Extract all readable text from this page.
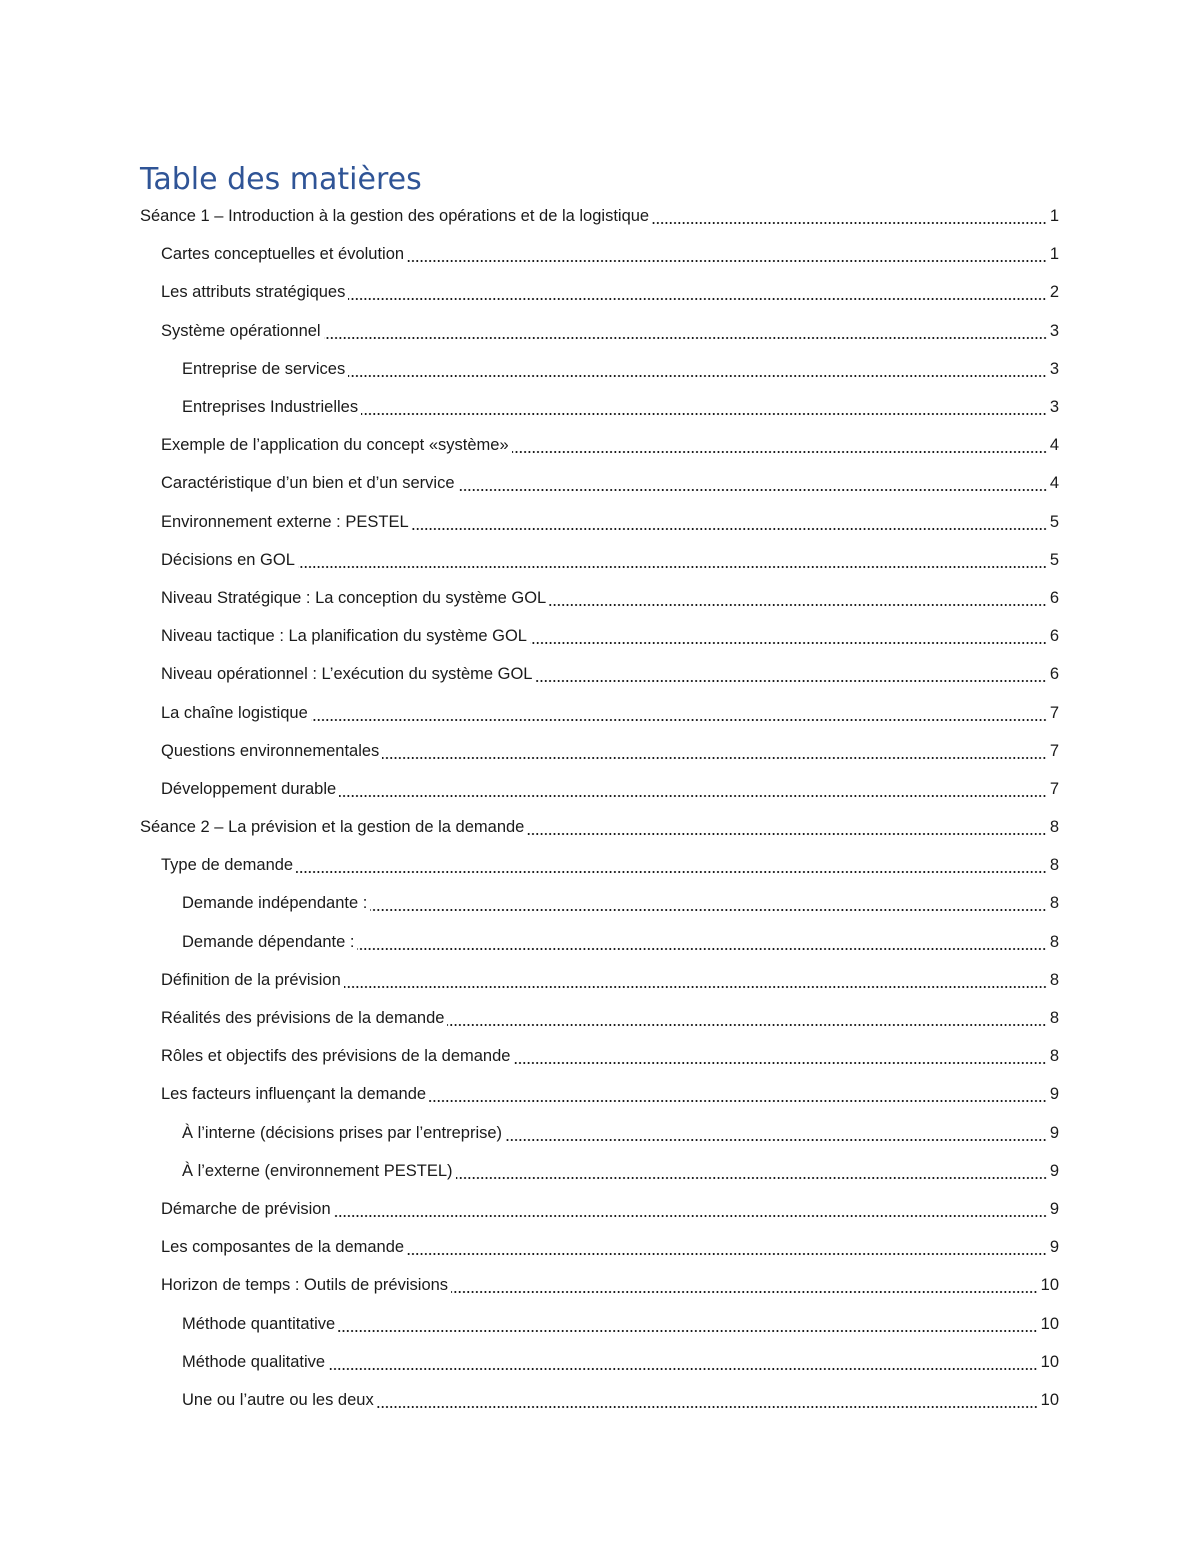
Table des matières
Séance 1 – Introduction à la gestion des opérations et de la logistique	1
Cartes conceptuelles et évolution	1
Les attributs stratégiques	2
Système opérationnel	3
Entreprise de services	3
Entreprises Industrielles	3
Exemple de l’application du concept «système»	4
Caractéristique d’un bien et d’un service	4
Environnement externe : PESTEL	5
Décisions en GOL	5
Niveau Stratégique : La conception du système GOL	6
Niveau tactique : La planification du système GOL	6
Niveau opérationnel : L’exécution du système GOL	6
La chaîne logistique	7
Questions environnementales	7
Développement durable	7
Séance 2 – La prévision et la gestion de la demande	8
Type de demande	8
Demande indépendante :	8
Demande dépendante :	8
Définition de la prévision	8
Réalités des prévisions de la demande	8
Rôles et objectifs des prévisions de la demande	8
Les facteurs influençant la demande	9
À l’interne (décisions prises par l’entreprise)	9
À l’externe (environnement PESTEL)	9
Démarche de prévision	9
Les composantes de la demande	9
Horizon de temps : Outils de prévisions	10
Méthode quantitative	10
Méthode qualitative	10
Une ou l’autre ou les deux	10
